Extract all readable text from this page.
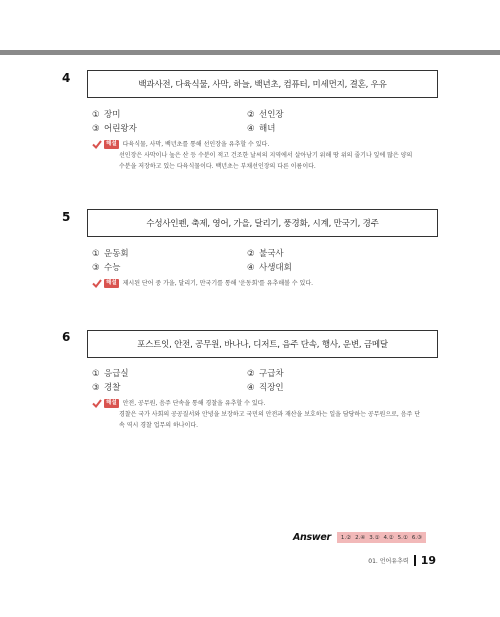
4	백과사전, 다육식물, 사막, 하늘, 백년초, 컴퓨터, 미세먼지, 결혼, 우유
① 장미	② 선인장
③ 어린왕자	④ 해녀
해설 다육식물, 사막, 백년초를 통해 선인장을 유추할 수 있다.
선인장은 사막이나 높은 산 등 수분이 적고 건조한 날씨의 지역에서 살아남기 위해 땅 위의 줄기나 잎에 많은 양의
수분을 저장하고 있는 다육식물이다. 백년초는 부채선인장의 다른 이름이다.
5	수성사인펜, 축제, 영어, 가을, 달리기, 풍경화, 시계, 만국기, 경주
① 운동회	② 불국사
③ 수능	④ 사생대회
해설 제시된 단어 중 가을, 달리기, 만국기를 통해 '운동회'를 유추해볼 수 있다.
6
포스트잇, 안전, 공무원, 바나나, 디저트, 음주 단속, 행사, 운변, 금메달
① 응급실	② 구급차
③ 경찰	④ 직장인
해설 안전, 공무원, 음주 단속을 통해 경찰을 유추할 수 있다.
경찰은 국가 사회의 공공질서와 안녕을 보장하고 국민의 안전과 재산을 보호하는 일을 담당하는 공무원으로, 음주 단
속 역시 경찰 업무의 하나이다.
Answer 1.② 2.④ 3.① 4.② 5.① 6.③
01. 언어유추력 19
